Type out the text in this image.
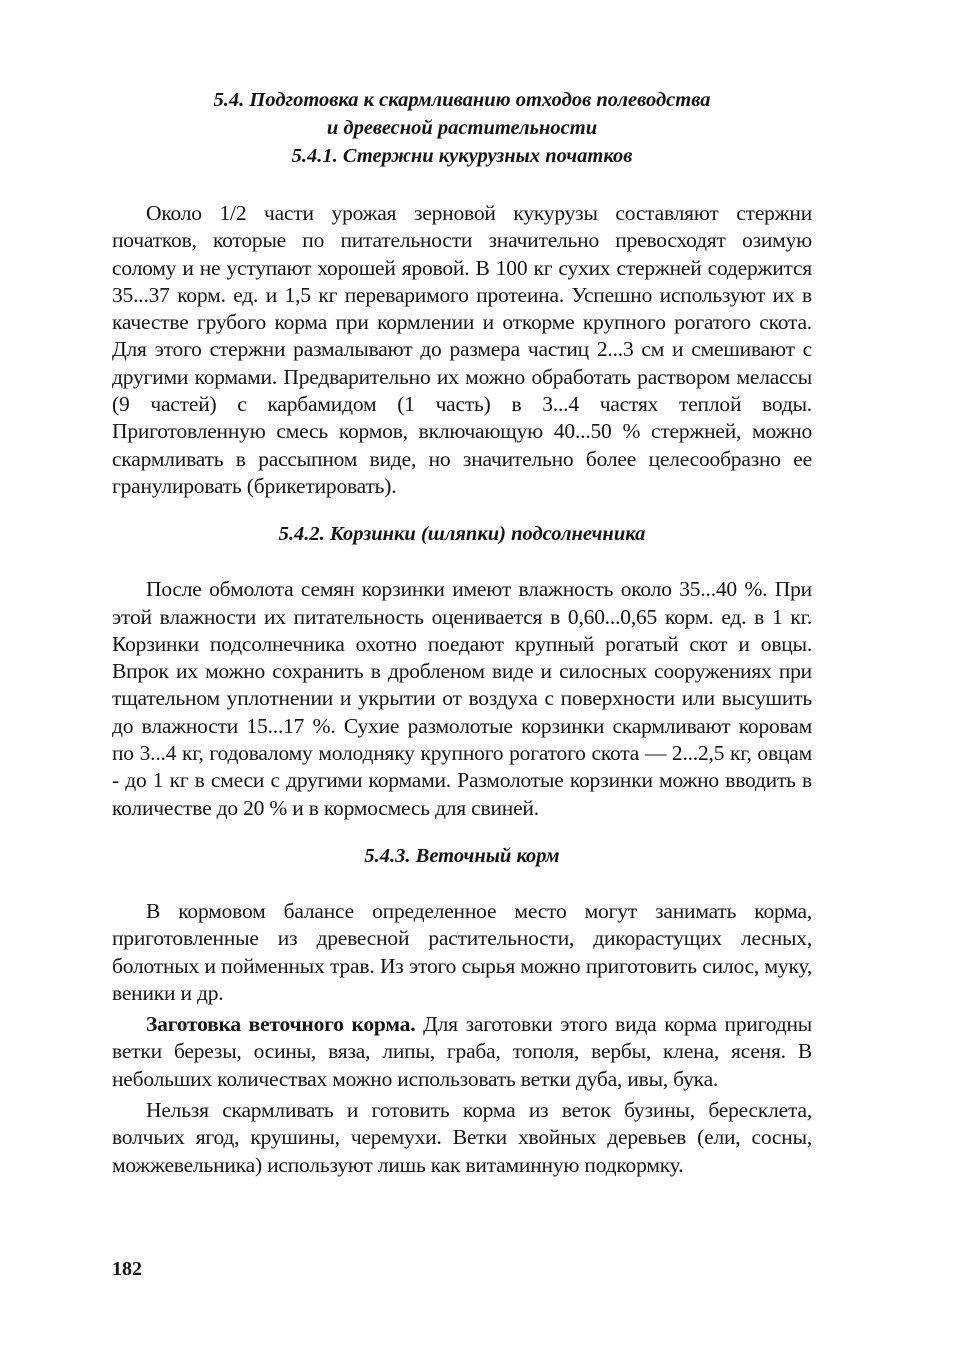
5.4. Подготовка к скармливанию отходов полеводства
и древесной растительности
5.4.1. Стержни кукурузных початков

Около 1/2 части урожая зерновой кукурузы составляют стержни початков, которые по питательности значительно превосходят озимую солому и не уступают хорошей яровой. В 100 кг сухих стержней содержится 35...37 корм. ед. и 1,5 кг переваримого протеина. Успешно используют их в качестве грубого корма при кормлении и откорме крупного рогатого скота. Для этого стержни размалывают до размера частиц 2...3 см и смешивают с другими кормами. Предварительно их можно обработать раствором мелассы (9 частей) с карбамидом (1 часть) в 3...4 частях теплой воды. Приготовленную смесь кормов, включающую 40...50 % стержней, можно скармливать в рассыпном виде, но значительно более целесообразно ее гранулировать (брикетировать).

5.4.2. Корзинки (шляпки) подсолнечника

После обмолота семян корзинки имеют влажность около 35...40 %. При этой влажности их питательность оценивается в 0,60...0,65 корм. ед. в 1 кг. Корзинки подсолнечника охотно поедают крупный рогатый скот и овцы. Впрок их можно сохранить в дробленом виде и силосных сооружениях при тщательном уплотнении и укрытии от воздуха с поверхности или высушить до влажности 15...17 %. Сухие размолотые корзинки скармливают коровам по 3...4 кг, годовалому молодняку крупного рогатого скота — 2...2,5 кг, овцам - до 1 кг в смеси с другими кормами. Размолотые корзинки можно вводить в количестве до 20 % и в кормосмесь для свиней.

5.4.3. Веточный корм

В кормовом балансе определенное место могут занимать корма, приготовленные из древесной растительности, дикорастущих лесных, болотных и пойменных трав. Из этого сырья можно приготовить силос, муку, веники и др.

Заготовка веточного корма. Для заготовки этого вида корма пригодны ветки березы, осины, вяза, липы, граба, тополя, вербы, клена, ясеня. В небольших количествах можно использовать ветки дуба, ивы, бука.

Нельзя скармливать и готовить корма из веток бузины, бересклета, волчьих ягод, крушины, черемухи. Ветки хвойных деревьев (ели, сосны, можжевельника) используют лишь как витаминную подкормку.

182
